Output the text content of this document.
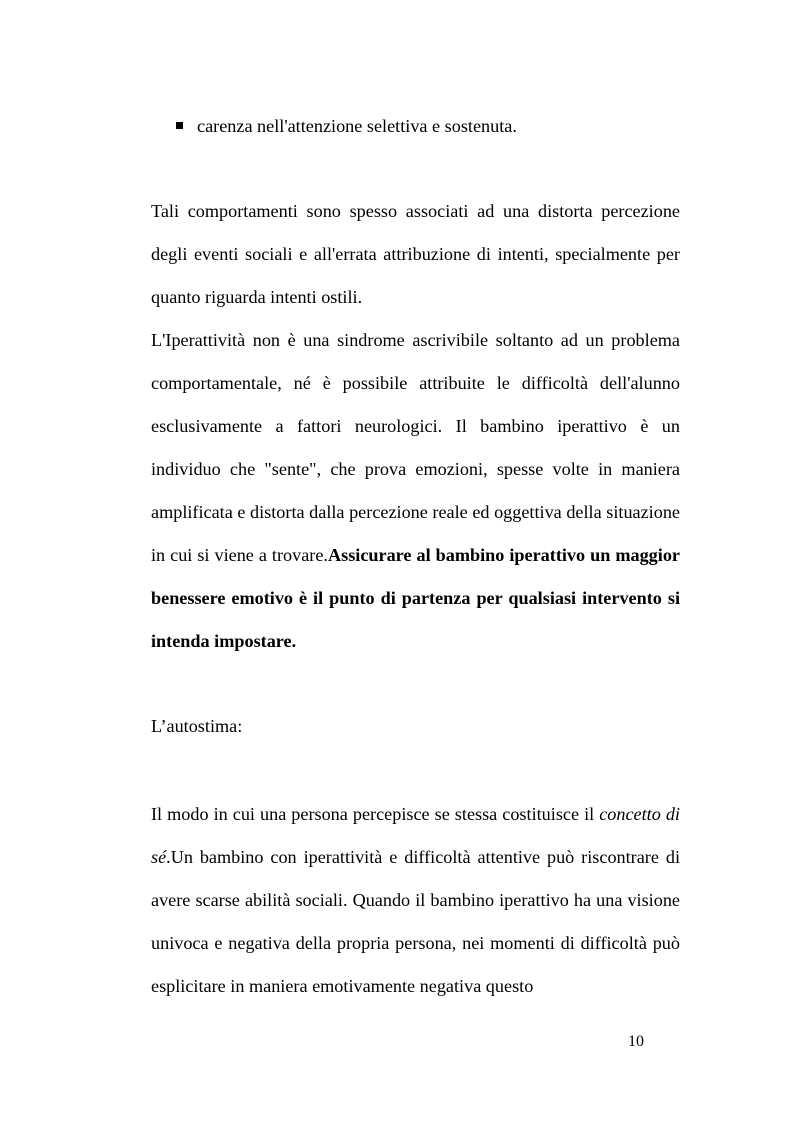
carenza nell'attenzione selettiva e sostenuta.
Tali comportamenti sono spesso associati ad una distorta percezione degli eventi sociali e all'errata attribuzione di intenti, specialmente per quanto riguarda intenti ostili.
L'Iperattività non è una sindrome ascrivibile soltanto ad un problema comportamentale, né è possibile attribuite le difficoltà dell'alunno esclusivamente a fattori neurologici. Il bambino iperattivo è un individuo che "sente", che prova emozioni, spesse volte in maniera amplificata e distorta dalla percezione reale ed oggettiva della situazione in cui si viene a trovare.Assicurare al bambino iperattivo un maggior benessere emotivo è il punto di partenza per qualsiasi intervento si intenda impostare.
L’autostima:
Il modo in cui una persona percepisce se stessa costituisce il concetto di sé.Un bambino con iperattività e difficoltà attentive può riscontrare di avere scarse abilità sociali. Quando il bambino iperattivo ha una visione univoca e negativa della propria persona, nei momenti di difficoltà può esplicitare in maniera emotivamente negativa questo
10
